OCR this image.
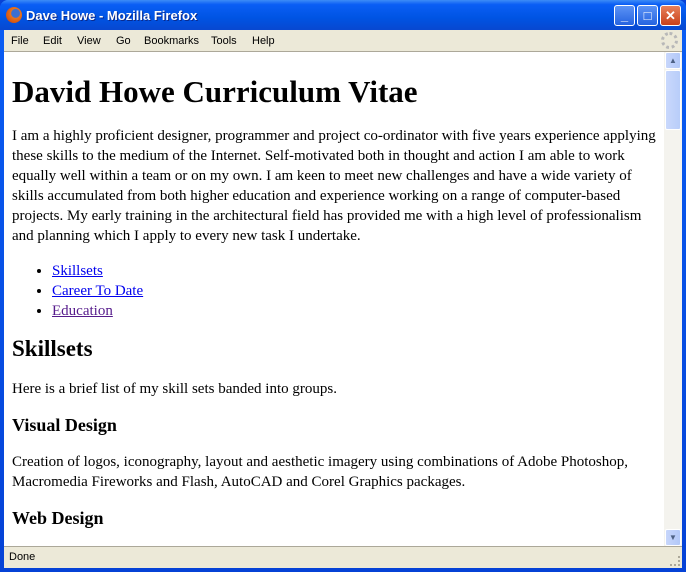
Dave Howe - Mozilla Firefox	_	□	✕
File Edit View Go Bookmarks Tools Help
David Howe Curriculum Vitae

I am a highly proficient designer, programmer and project co-ordinator with five years experience applying these skills to the medium of the Internet. Self-motivated both in thought and action I am able to work equally well within a team or on my own. I am keen to meet new challenges and have a wide variety of skills accumulated from both higher education and experience working on a range of computer-based projects. My early training in the architectural field has provided me with a high level of professionalism and planning which I apply to every new task I undertake.

• Skillsets
• Career To Date
• Education
Skillsets

Here is a brief list of my skill sets banded into groups.

Visual Design

Creation of logos, iconography, layout and aesthetic imagery using combinations of Adobe Photoshop, Macromedia Fireworks and Flash, AutoCAD and Corel Graphics packages.

Web Design
▲
▼
Done
